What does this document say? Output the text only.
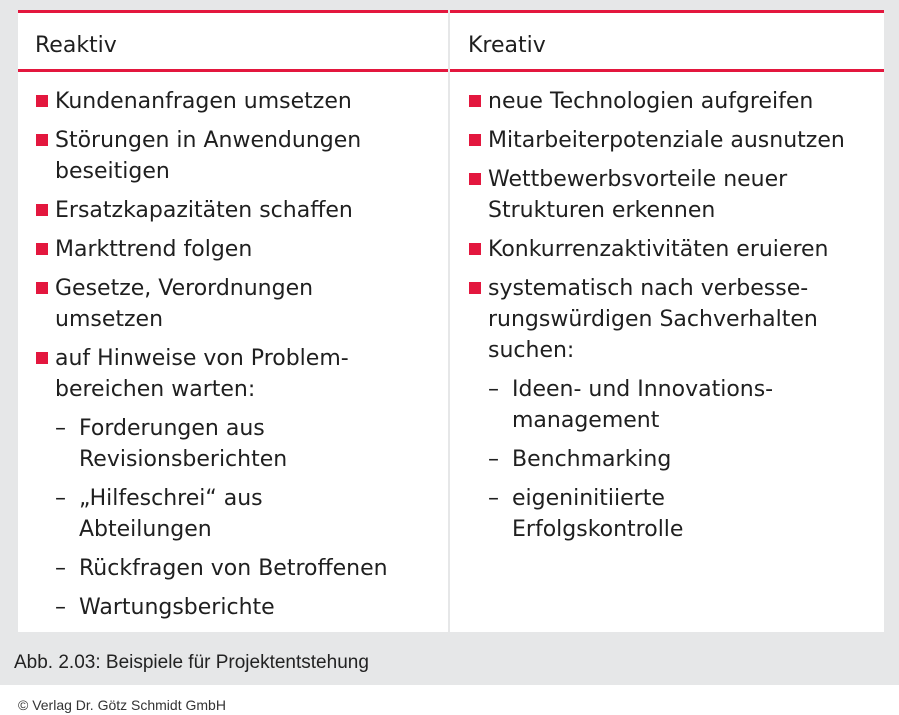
Reaktiv	Kreativ
Kundenanfragen umsetzen
Störungen in Anwendungen
beseitigen
Ersatzkapazitäten schaffen
Markttrend folgen
Gesetze, Verordnungen
umsetzen
auf Hinweise von Problem-
bereichen warten:
– Forderungen aus
Revisionsberichten
– „Hilfeschrei“ aus
Abteilungen
– Rückfragen von Betroffenen
– Wartungsberichte
neue Technologien aufgreifen
Mitarbeiterpotenziale ausnutzen
Wettbewerbsvorteile neuer
Strukturen erkennen
Konkurrenzaktivitäten eruieren
systematisch nach verbesse-
rungswürdigen Sachverhalten
suchen:
– Ideen- und Innovations-
management
– Benchmarking
– eigeninitiierte
Erfolgskontrolle
Abb. 2.03: Beispiele für Projektentstehung
© Verlag Dr. Götz Schmidt GmbH
